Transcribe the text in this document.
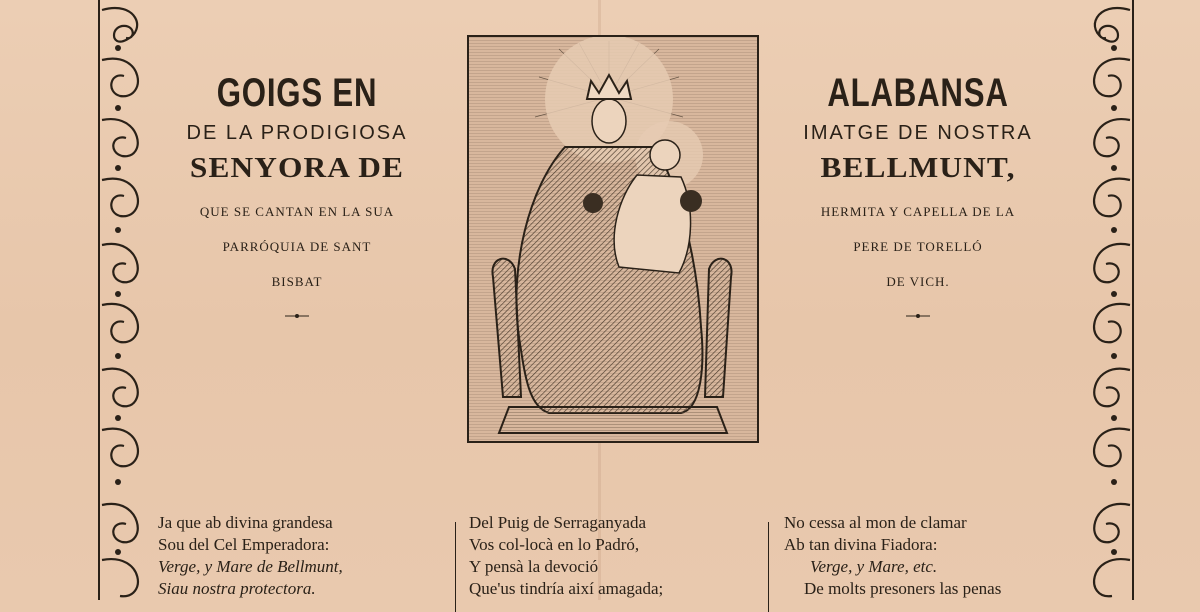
GOIGS EN
DE LA PRODIGIOSA
SENYORA DE
QUE SE CANTAN EN LA SUA
PARRÓQUIA DE SANT
BISBAT
ALABANSA
IMATGE DE NOSTRA
BELLMUNT,
HERMITA Y CAPELLA DE LA
PERE DE TORELLÓ
DE VICH.
Ja que ab divina grandesa
Sou del Cel Emperadora:
Verge, y Mare de Bellmunt,
Siau nostra protectora.
Del Puig de Serraganyada
Vos col-locà en lo Padró,
Y pensà la devoció
Que'us tindría així amagada;
No cessa al mon de clamar
Ab tan divina Fiadora:
Verge, y Mare, etc.
De molts presoners las penas
